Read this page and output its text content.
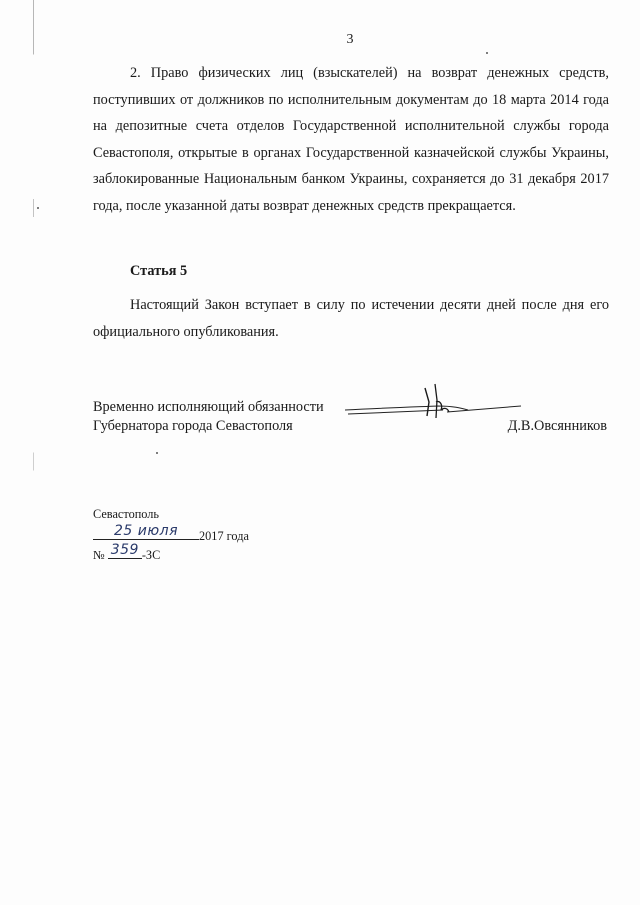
3

2. Право физических лиц (взыскателей) на возврат денежных средств, поступивших от должников по исполнительным документам до 18 марта 2014 года на депозитные счета отделов Государственной исполнительной службы города Севастополя, открытые в органах Государственной казначейской службы Украины, заблокированные Национальным банком Украины, сохраняется до 31 декабря 2017 года, после указанной даты возврат денежных средств прекращается.

Статья 5

Настоящий Закон вступает в силу по истечении десяти дней после дня его официального опубликования.

Временно исполняющий обязанности
Губернатора города Севастополя	Д.В.Овсянников
Севастополь
25 июля	2017 года
№ 359 -ЗС
